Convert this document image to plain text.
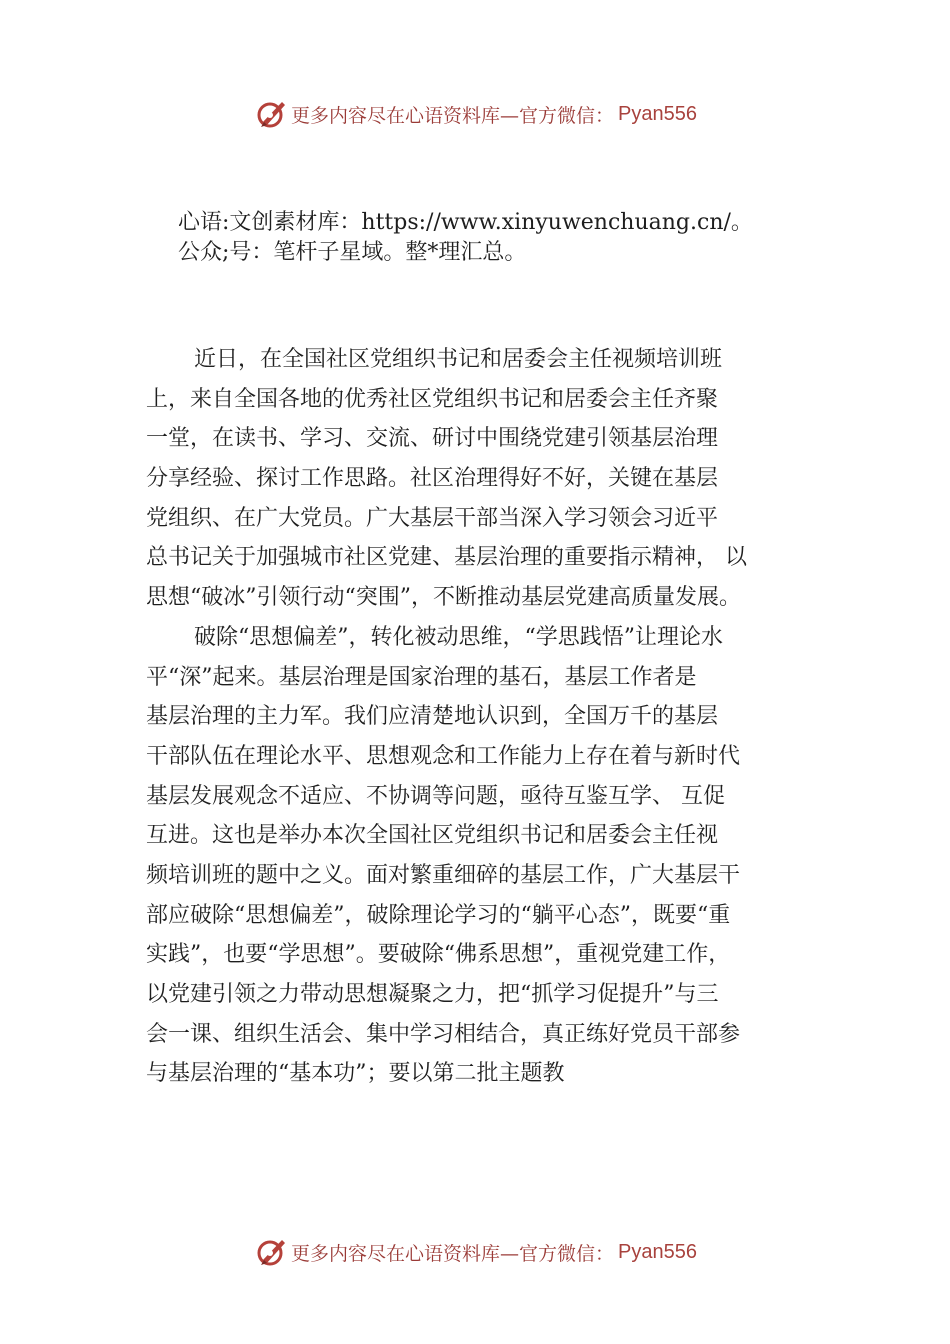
更多内容尽在心语资料库—官方微信： Pyan556
心语:文创素材库：https://www.xinyuwenchuang.cn/。
公众;号：笔杆子星域。整*理汇总。
近日，在全国社区党组织书记和居委会主任视频培训班
上，来自全国各地的优秀社区党组织书记和居委会主任齐聚
一堂，在读书、学习、交流、研讨中围绕党建引领基层治理
分享经验、探讨工作思路。社区治理得好不好，关键在基层
党组织、在广大党员。广大基层干部当深入学习领会习近平
总书记关于加强城市社区党建、基层治理的重要指示精神， 以
思想“破冰”引领行动“突围”，不断推动基层党建高质量发展。
破除“思想偏差”，转化被动思维，“学思践悟”让理论水
平“深”起来。基层治理是国家治理的基石，基层工作者是
基层治理的主力军。我们应清楚地认识到，全国万千的基层
干部队伍在理论水平、思想观念和工作能力上存在着与新时代
基层发展观念不适应、不协调等问题，亟待互鉴互学、 互促
互进。这也是举办本次全国社区党组织书记和居委会主任视
频培训班的题中之义。面对繁重细碎的基层工作，广大基层干
部应破除“思想偏差”，破除理论学习的“躺平心态”，既要“重
实践”，也要“学思想”。要破除“佛系思想”，重视党建工作，
以党建引领之力带动思想凝聚之力，把“抓学习促提升”与三
会一课、组织生活会、集中学习相结合，真正练好党员干部参
与基层治理的“基本功”；要以第二批主题教
更多内容尽在心语资料库—官方微信： Pyan556
